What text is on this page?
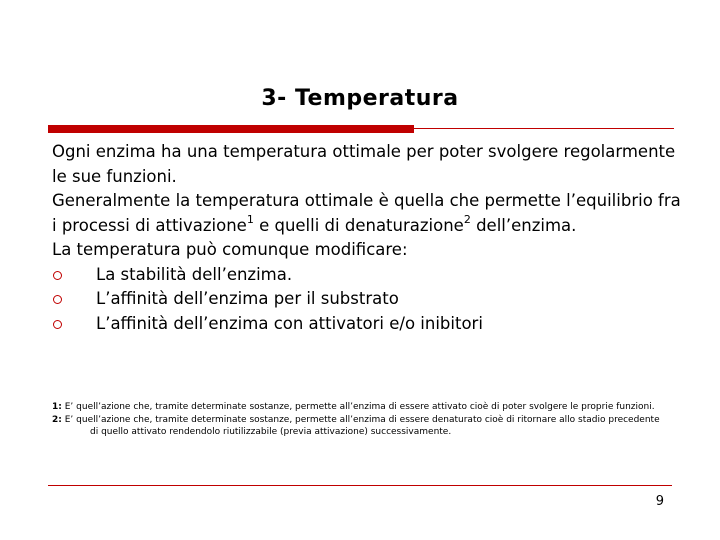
3- Temperatura

Ogni enzima ha una temperatura ottimale per poter svolgere regolarmente le sue funzioni.

Generalmente la temperatura ottimale è quella che permette l’equilibrio fra i processi di attivazione$^1$ e quelli di denaturazione$^2$ dell’enzima.

La temperatura può comunque modificare:

La stabilità dell’enzima.
L’affinità dell’enzima per il substrato
L’affinità dell’enzima con attivatori e/o inibitori
1: E’ quell’azione che, tramite determinate sostanze, permette all’enzima di essere attivato cioè di poter svolgere le proprie funzioni.
2: E’ quell’azione che, tramite determinate sostanze, permette all’enzima di essere denaturato cioè di ritornare allo stadio precedente di quello attivato rendendolo riutilizzabile (previa attivazione) successivamente.
9
